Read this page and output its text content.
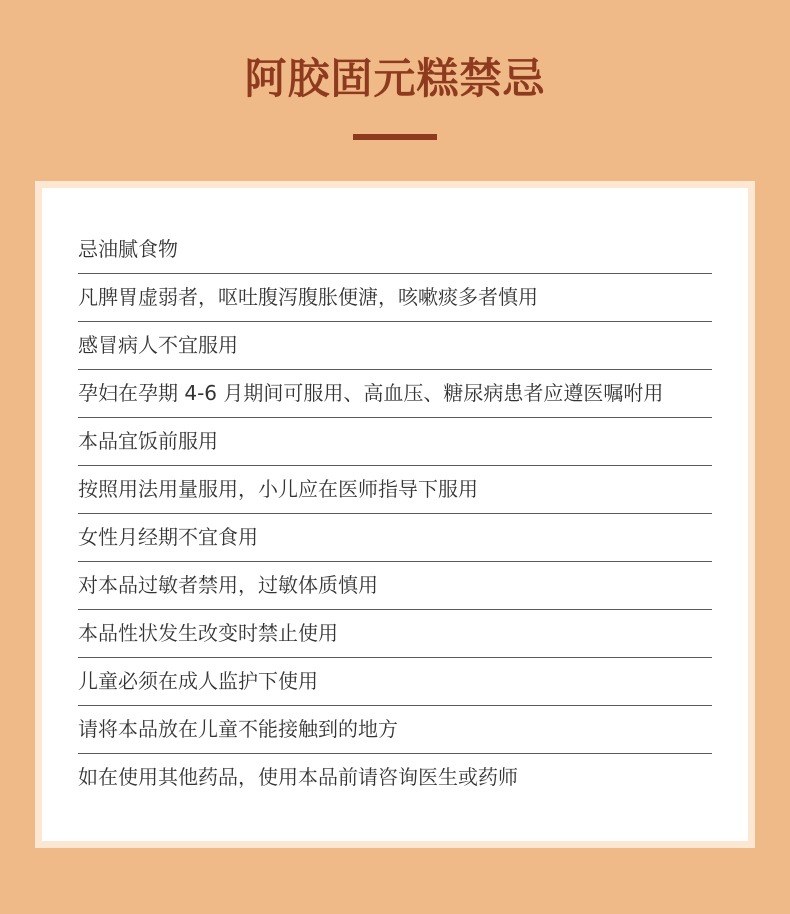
阿胶固元糕禁忌
忌油腻食物
凡脾胃虚弱者，呕吐腹泻腹胀便溏，咳嗽痰多者慎用
感冒病人不宜服用
孕妇在孕期 4-6 月期间可服用、高血压、糖尿病患者应遵医嘱咐用
本品宜饭前服用
按照用法用量服用，小儿应在医师指导下服用
女性月经期不宜食用
对本品过敏者禁用，过敏体质慎用
本品性状发生改变时禁止使用
儿童必须在成人监护下使用
请将本品放在儿童不能接触到的地方
如在使用其他药品，使用本品前请咨询医生或药师
